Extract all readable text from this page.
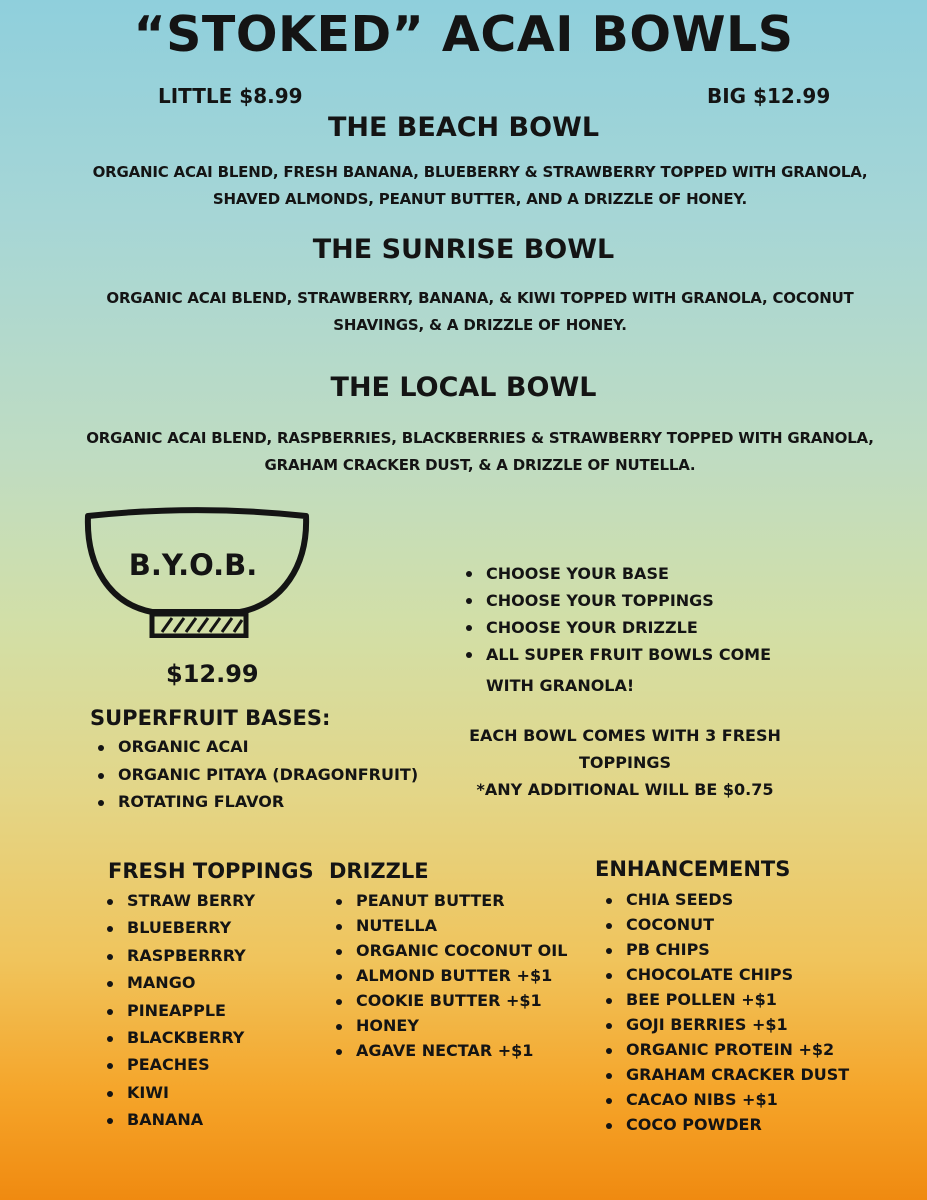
“STOKED” ACAI BOWLS
LITTLE $8.99	BIG $12.99
THE BEACH BOWL
ORGANIC ACAI BLEND, FRESH BANANA, BLUEBERRY & STRAWBERRY TOPPED WITH GRANOLA,
SHAVED ALMONDS, PEANUT BUTTER, AND A DRIZZLE OF HONEY.
THE SUNRISE BOWL
ORGANIC ACAI BLEND, STRAWBERRY, BANANA, & KIWI TOPPED WITH GRANOLA, COCONUT
SHAVINGS, & A DRIZZLE OF HONEY.
THE LOCAL BOWL
ORGANIC ACAI BLEND, RASPBERRIES, BLACKBERRIES & STRAWBERRY TOPPED WITH GRANOLA,
GRAHAM CRACKER DUST, & A DRIZZLE OF NUTELLA.
B.Y.O.B.
$12.99
CHOOSE YOUR BASE
CHOOSE YOUR TOPPINGS
CHOOSE YOUR DRIZZLE
ALL SUPER FRUIT BOWLS COME
WITH GRANOLA!
EACH BOWL COMES WITH 3 FRESH TOPPINGS
*ANY ADDITIONAL WILL BE $0.75
SUPERFRUIT BASES:
ORGANIC ACAI
ORGANIC PITAYA (DRAGONFRUIT)
ROTATING FLAVOR
FRESH TOPPINGS
STRAW BERRY
BLUEBERRY
RASPBERRRY
MANGO
PINEAPPLE
BLACKBERRY
PEACHES
KIWI
BANANA
DRIZZLE
PEANUT BUTTER
NUTELLA
ORGANIC COCONUT OIL
ALMOND BUTTER +$1
COOKIE BUTTER +$1
HONEY
AGAVE NECTAR +$1
ENHANCEMENTS
CHIA SEEDS
COCONUT
PB CHIPS
CHOCOLATE CHIPS
BEE POLLEN +$1
GOJI BERRIES +$1
ORGANIC PROTEIN +$2
GRAHAM CRACKER DUST
CACAO NIBS +$1
COCO POWDER
